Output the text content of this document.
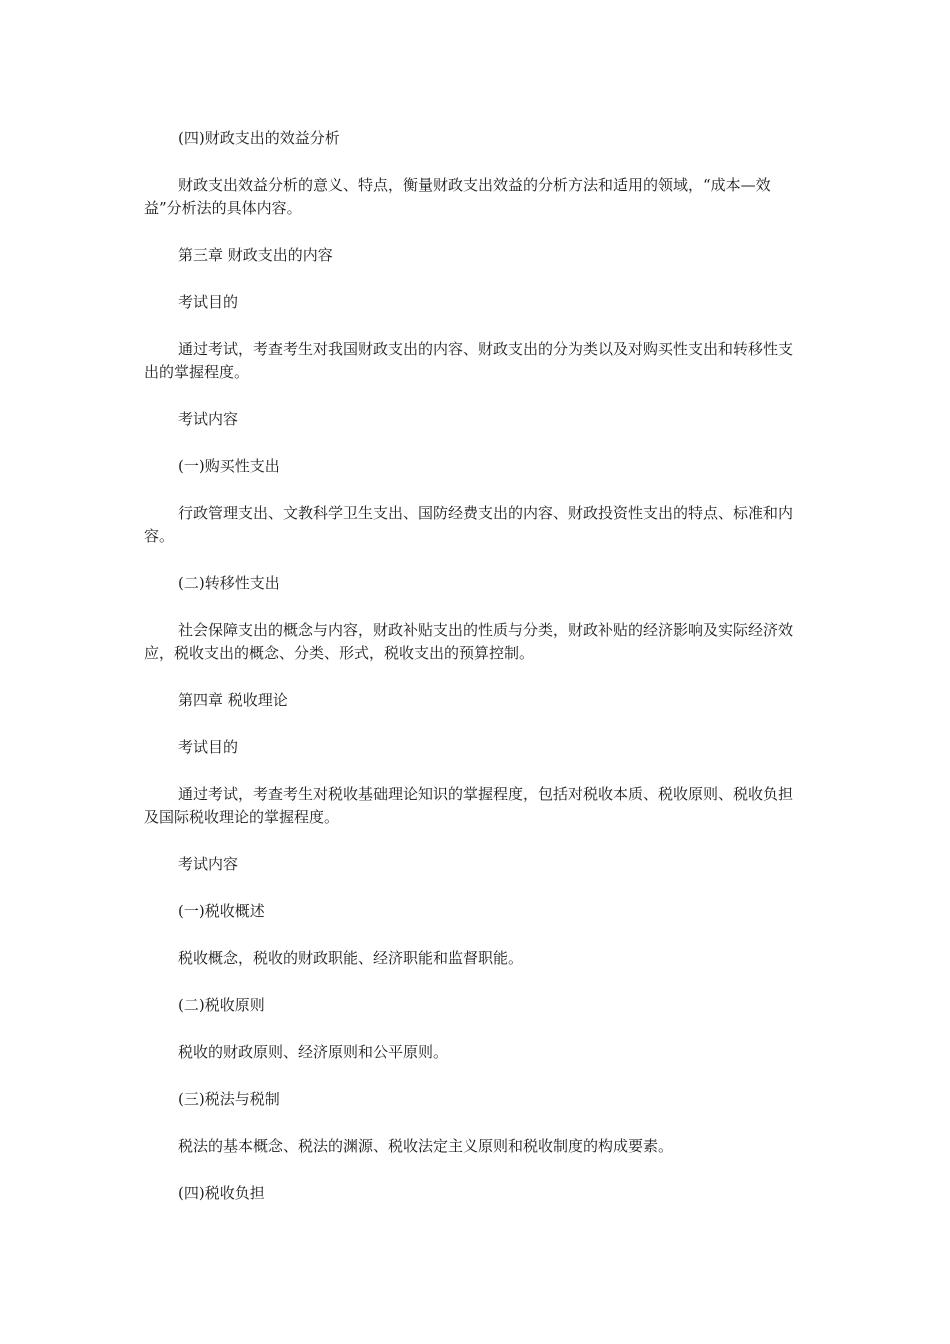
(四)财政支出的效益分析

财政支出效益分析的意义、特点，衡量财政支出效益的分析方法和适用的领域，“成本—效益”分析法的具体内容。

第三章 财政支出的内容

考试目的

通过考试，考查考生对我国财政支出的内容、财政支出的分为类以及对购买性支出和转移性支出的掌握程度。

考试内容

(一)购买性支出

行政管理支出、文教科学卫生支出、国防经费支出的内容、财政投资性支出的特点、标准和内容。

(二)转移性支出

社会保障支出的概念与内容，财政补贴支出的性质与分类，财政补贴的经济影响及实际经济效应，税收支出的概念、分类、形式，税收支出的预算控制。

第四章 税收理论

考试目的

通过考试，考查考生对税收基础理论知识的掌握程度，包括对税收本质、税收原则、税收负担及国际税收理论的掌握程度。

考试内容

(一)税收概述

税收概念，税收的财政职能、经济职能和监督职能。

(二)税收原则

税收的财政原则、经济原则和公平原则。

(三)税法与税制

税法的基本概念、税法的渊源、税收法定主义原则和税收制度的构成要素。

(四)税收负担
